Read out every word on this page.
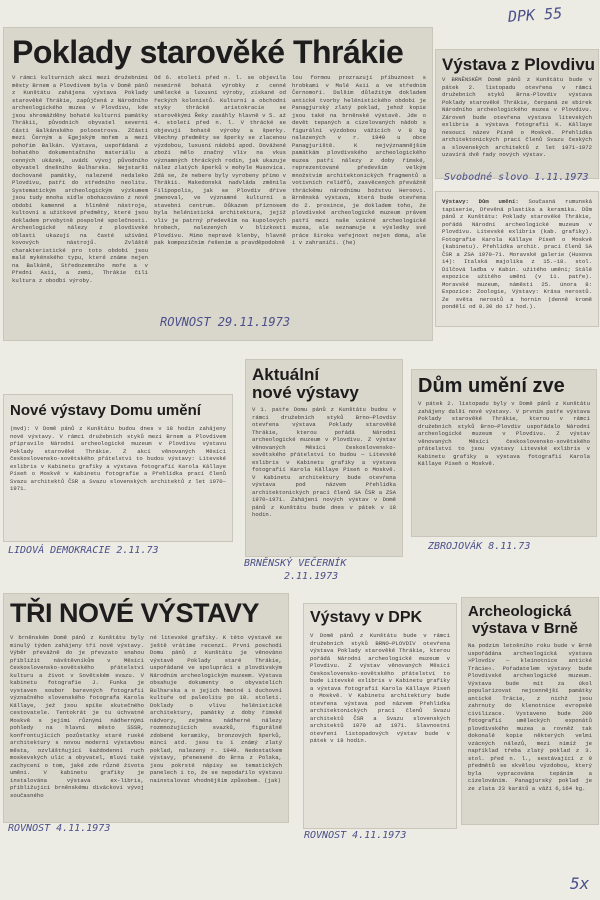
DPK 55
Poklady starověké Thrákie
V rámci kulturních akcí mezi družebními městy Brnem a Plovdivem byla v Domě pánů z Kunštátu zahájena výstava Poklady starověké Thrákie, zapůjčená z Národního archeologického muzea v Plovdivu, kde jsou shromážděny bohaté kulturní památky Thrákii, původních obyvatel severní části Balkánského poloostrova. Zčásti mezi Černým a Egejským mořem a mezi pohořím Balkán. Výstava, uspořádaná z bohatého dokumentačního materiálu a cenných ukázek, uvádí vývoj původního obyvatel dnešního Bulharska. Nejstarší dochované památky, nalezené nedaleko Plovdivu, patří do středního neolitu. Systematickým archeologickým výzkumem jsou tudy mnoha sídle obohacováno z nové období kamenné a hliněné nástroje, kultovní a užitkové předměty, které jsou dokladem prvobytně pospolné společnosti. Archeologické nálezy z plovdivské oblasti ukazují na časté užívání kovových nástrojů. Zvláště charakteristické pro toto období jsou malé mykénského typu, které známe nejen na Balkáně, Středozemního moře a v Přední Asii, a zemi, Thrákie čili kultura z obodbí výroby.
Od 6. století před n. l. se objevila nesmírně bohatá výrobky z cenné umělecké a luxusní výroby, získané od řeckých kolonistů. Kulturní a obchodní styky thrácké aristokracie se starověkými Řeky zasáhly hlavně v 5. až 4. století před n. l. V thrácké se objevují bohatě výroby a šperky. Všechny předměty se šperky se zlacenou výzdobou, luxusní nádobí apod. Dovážené zboží mělo značný vliv na vkus významných thráckých rodin, jak ukazuje nález zlatých šperků v mohyle Musovica. Zdá se, že nebere byly vyrobeny přímo v Thrákii. Makedonská nadvláda změnila Filipopolis, jak se Plovdiv dříve jmenoval, ve významné kulturní a stavební centrum. Důkazem příznosem byla helénistická architektura, jejíž vliv je patrný především na kupolových hrobech, nalezených v blízkosti Plovdivu. Mimo nepravé klenby, hlavně pak kompozičním řešením a pravděpodobně
lou formou prozrazují příbuznost s hrobkami v Malé Asii a ve středním Černomoří. Dalším důležitým dokladem antické tvorby helénistického období je Panagjurský zlatý poklad, jehož kopie jsou také na brněnské výstavě. Jde o devět tepaných a cizelovaných nádob s figurální výzdobou vážících v 8 kg nalezených v r. 1949 u obce Panagjuriště. K nejvýznamnějším památkám plovdivského archeologického muzea patří nálezy z doby římské, reprezentované především velkým množstvím architektonických fragmentů a votivních reliéfů, zasvěcených převážně thráckému národnímu božstvu Heroovi. Brněnská výstava, která bude otevřena do 2. prosince, je dokladem toho, že plovdivské archeologické muzeum právem patří mezi naše vzácné archeologické muzea, ale seznamuje s výsledky své práce široku veřejnost nejen doma, ale i v zahraničí. (he)
ROVNOST 29.11.1973
Výstava z Plovdivu
V BRNĚNSKÉM Domě pánů z Kunštátu bude v pátek 2. listopadu otevřena v rámci družebních styků Brna-Plovdiv výstava Poklady starověké Thrákie, čerpaná ze sbírek Národního archeologického muzea v Plovdivu. Zároveň bude otevřena výstava litevských exlibris a výstava fotografií K. Kállaye nesoucí název Písně o Moskvě. Přehlídka architektonických prací členů Svazu českých a slovenských architektů z let 1971–1972 uzavírá dvě řady nových výstav.
Svobodné slovo 1.11.1973
Výstavy: Dům umění: Současná rumunská tapiserie, Dřevěná plastika a keramika. Dům pánů z Kunštátu: Poklady starověké Thrákie, pořádá Národní archeologické muzeum v Plovdivu. Litevské exlibris (kab. grafiky). Fotografie Karola Kállaye Píseň o Moskvě (kabinetu). Přehlídka archit. prací členů SA ČSR a ZSA 1970–71. Moravské galerie (Husova 14): Italská majolika z 15.–18. stol. Dílčová ladba v Kabin. užitého umění; Stálé expozice užitého umění (v 11. patře). Moravské muzeum, náměstí 25. února 8: Expozice: Zoologie, Výstavy: Krása nerostů. Ze světa nerostů a hornin (denně kromě pondělí od 8.30 do 17 hod.).
Nové výstavy Domu umění
(mvd): V Domě pánů z Kunštátu budou dnes v 18 hodin zahájeny nové výstavy. V rámci družebních styků mezi Brnem a Plovdivem připravilo Národní archeologické muzeum v Plovdivu výstavu Poklady starověké Thrákie. Z akcí věnovaných Měsíci československo-sovětského přátelství to budou výstavy: Litevské exlibris v Kabinetu grafiky a výstava fotografií Karola Kállaye Píseň o Moskvě v Kabinetu fotografie a Přehlídka prací členů Svazu architektů ČSR a Svazu slovenských architektů z let 1970–1971.
LIDOVÁ DEMOKRACIE 2.11.73
Aktuální
nové výstavy
V 1. patře Domu pánů z Kunštátu budou v rámci družebních styků Brno—Plovdiv otevřena výstava Poklady starověké Thrákie, kterou pořádá Národní archeologické muzeum v Plovdivu. Z výstav věnovaných Měsíci československo-sovětského přátelství to budou — Litevské exlibris v Kabinetu grafiky a výstava fotografií Karola Kállaye Píseň o Moskvě. V Kabinetu architektury bude otevřena výstava pod názvem Přehlídka architektonických prací členů SA ČSR a ZSA 1970–1971. Zahájení nových výstav v Domě pánů z Kunštátu bude dnes v pátek v 18 hodin.
BRNĚNSKÝ VEČERNÍK
2.11.1973
Dům umění zve
V pátek 2. listopadu byly v Domě pánů z Kunštátu zahájeny další nové výstavy. V prvním patře výstava Poklady starověké Thrákie, kterou v rámci družebních styků Brno—Plovdiv uspořádalo Národní archeologické muzeum v Plovdivu. Z výstav věnovaných Měsíci československo-sovětského přátelství to jsou výstavy Litevské exlibris v Kabinetu grafiky a výstava fotografií Karola Kállaye Píseň o Moskvě.
ZBROJOVÁK 8.11.73
TŘI NOVÉ VÝSTAVY
V brněnském Domě pánů z Kunštátu byly minulý týden zahájeny tři nové výstavy. Výběr převážně do je převzato snahou přiblížit návštěvníkům v Měsíci československo-sovětského přátelství kulturu a život v Sovětském svazu. V kabinetu fotografie J. Funka je vystaven soubor barevných fotografií význačného slovenského fotografa Karola Kállaye, jež jsou spíše skutečného cestovatele. Tentokrát je tu úchvatné Moskvě s jejími různými nádhernými pohledy na hlavní město SSSR, konfrontujících pozůstatky staré ruské architektury s novou moderní výstavbou města, ozvláštňující každodenní ruch moskevských ulic a obyvatel, mluví také zachycení o tom, jaké zde různé života umění. V kabinetu grafiky je instalována výstava ex-libris, přibližující brněnskému diváckovi vývoj současného
né litevské grafiky. K této výstavě se ještě vrátíme recenzí. První poschodí Domu pánů z Kunštátu je věnováno výstavě Poklady staré Thrákie, uspořádané ve spolupráci s plovdivským Národním archeologickým muzeem. Výstava obsahuje dokumenty o obyvatelích Bulharska a o jejich hmotné i duchovní kultuře od paleolitu po 18. století. Doklady o vlivu helénistické architektury, památky z doby římské nádvory, zejména nádherné nálezy rozmnožujících svazků, figurálně zdobené keramiky, bronzových šperků, mincí atd. jsou tu i známý zlatý poklad, nalezený r. 1949. Nedostatkem výstavy, přenesené do Brna z Polska, jsou pokrsté nápisy se tematických panelech i to, že se nepodařilo výstavu nainstalovat vhodnějším způsobem. (jak)
ROVNOST 4.11.1973
Výstavy v DPK
V Domě pánů z Kunštátu bude v rámci družebních styků BRNO—PLOVDIV otevřena výstava Poklady starověké Thrákie, kterou pořádá Národní archeologické muzeum v Plovdivu. Z výstav věnovaných Měsíci československo-sovětského přátelství to bude Litevské exlibris v Kabinetu grafiky a výstava fotografií Karola Kállaye Píseň o Moskvě. V Kabinetu architektury bude otevřena výstava pod názvem Přehlídka architektonických prací členů Svazu architektů ČSR a Svazu slovenských architektů 1970 až 1971. Slavnostní otevření listopadových výstav bude v pátek v 18 hodin.
ROVNOST 4.11.1973
Archeologická
výstava v Brně
Na podzim letošního roku bude v Brně uspořádána archeologická výstava »Plovdiv — kleinotnice antické Trácie«. Pořadatelem výstavy bude Plovdivské archeologické muzeum. Výstava bude mít za úkol popularizovat nejcennější památky antické Trácie, z nichž jsou zahrnuty do klenotnice evropské civilizace. Vystaveno bude 200 fotografií uměleckých exponátů plovdivského muzea a rovněž tak dokonalé kopie některých velmi vzácných nálezů, mezi nimiž je například třeba zlatý poklad z 3. stol. před n. l., sestávající z 9 předmětů se skvělou výzdobou, který byla vypracována tepáním a cizelováním. Panagjurský poklad je ze zlata 23 karátů a váží 6,164 kg.
5x
